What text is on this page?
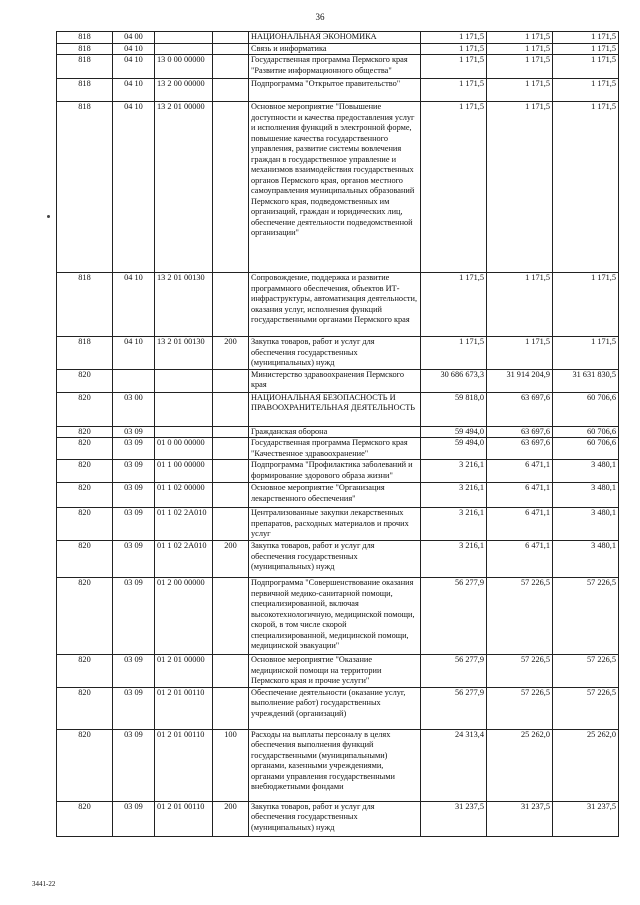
36
818	04 00			НАЦИОНАЛЬНАЯ ЭКОНОМИКА	1 171,5	1 171,5	1 171,5
818	04 10			Связь и информатика	1 171,5	1 171,5	1 171,5
818	04 10	13 0 00 00000		Государственная программа Пермского края "Развитие информационного общества"	1 171,5	1 171,5	1 171,5
818	04 10	13 2 00 00000		Подпрограмма "Открытое правительство"	1 171,5	1 171,5	1 171,5
818	04 10	13 2 01 00000		Основное мероприятие "Повышение доступности и качества предоставления услуг и исполнения функций в электронной форме, повышение качества государственного управления, развитие системы вовлечения граждан в государственное управление и механизмов взаимодействия государственных органов Пермского края, органов местного самоуправления муниципальных образований Пермского края, подведомственных им организаций, граждан и юридических лиц, обеспечение деятельности подведомственной организации"	1 171,5	1 171,5	1 171,5
818	04 10	13 2 01 00130		Сопровождение, поддержка и развитие программного обеспечения, объектов ИТ-инфраструктуры, автоматизация деятельности, оказания услуг, исполнения функций государственными органами Пермского края	1 171,5	1 171,5	1 171,5
818	04 10	13 2 01 00130	200	Закупка товаров, работ и услуг для обеспечения государственных (муниципальных) нужд	1 171,5	1 171,5	1 171,5
820				Министерство здравоохранения Пермского края	30 686 673,3	31 914 204,9	31 631 830,5
820	03 00			НАЦИОНАЛЬНАЯ БЕЗОПАСНОСТЬ И ПРАВООХРАНИТЕЛЬНАЯ ДЕЯТЕЛЬНОСТЬ	59 818,0	63 697,6	60 706,6
820	03 09			Гражданская оборона	59 494,0	63 697,6	60 706,6
820	03 09	01 0 00 00000		Государственная программа Пермского края "Качественное здравоохранение"	59 494,0	63 697,6	60 706,6
820	03 09	01 1 00 00000		Подпрограмма "Профилактика заболеваний и формирование здорового образа жизни"	3 216,1	6 471,1	3 480,1
820	03 09	01 1 02 00000		Основное мероприятие "Организация лекарственного обеспечения"	3 216,1	6 471,1	3 480,1
820	03 09	01 1 02 2А010		Централизованные закупки лекарственных препаратов, расходных материалов и прочих услуг	3 216,1	6 471,1	3 480,1
820	03 09	01 1 02 2А010	200	Закупка товаров, работ и услуг для обеспечения государственных (муниципальных) нужд	3 216,1	6 471,1	3 480,1
820	03 09	01 2 00 00000		Подпрограмма "Совершенствование оказания первичной медико-санитарной помощи, специализированной, включая высокотехнологичную, медицинской помощи, скорой, в том числе скорой специализированной, медицинской помощи, медицинской эвакуации"	56 277,9	57 226,5	57 226,5
820	03 09	01 2 01 00000		Основное мероприятие "Оказание медицинской помощи на территории Пермского края и прочие услуги"	56 277,9	57 226,5	57 226,5
820	03 09	01 2 01 00110		Обеспечение деятельности (оказание услуг, выполнение работ) государственных учреждений (организаций)	56 277,9	57 226,5	57 226,5
820	03 09	01 2 01 00110	100	Расходы на выплаты персоналу в целях обеспечения выполнения функций государственными (муниципальными) органами, казенными учреждениями, органами управления государственными внебюджетными фондами	24 313,4	25 262,0	25 262,0
820	03 09	01 2 01 00110	200	Закупка товаров, работ и услуг для обеспечения государственных (муниципальных) нужд	31 237,5	31 237,5	31 237,5
3441-22
